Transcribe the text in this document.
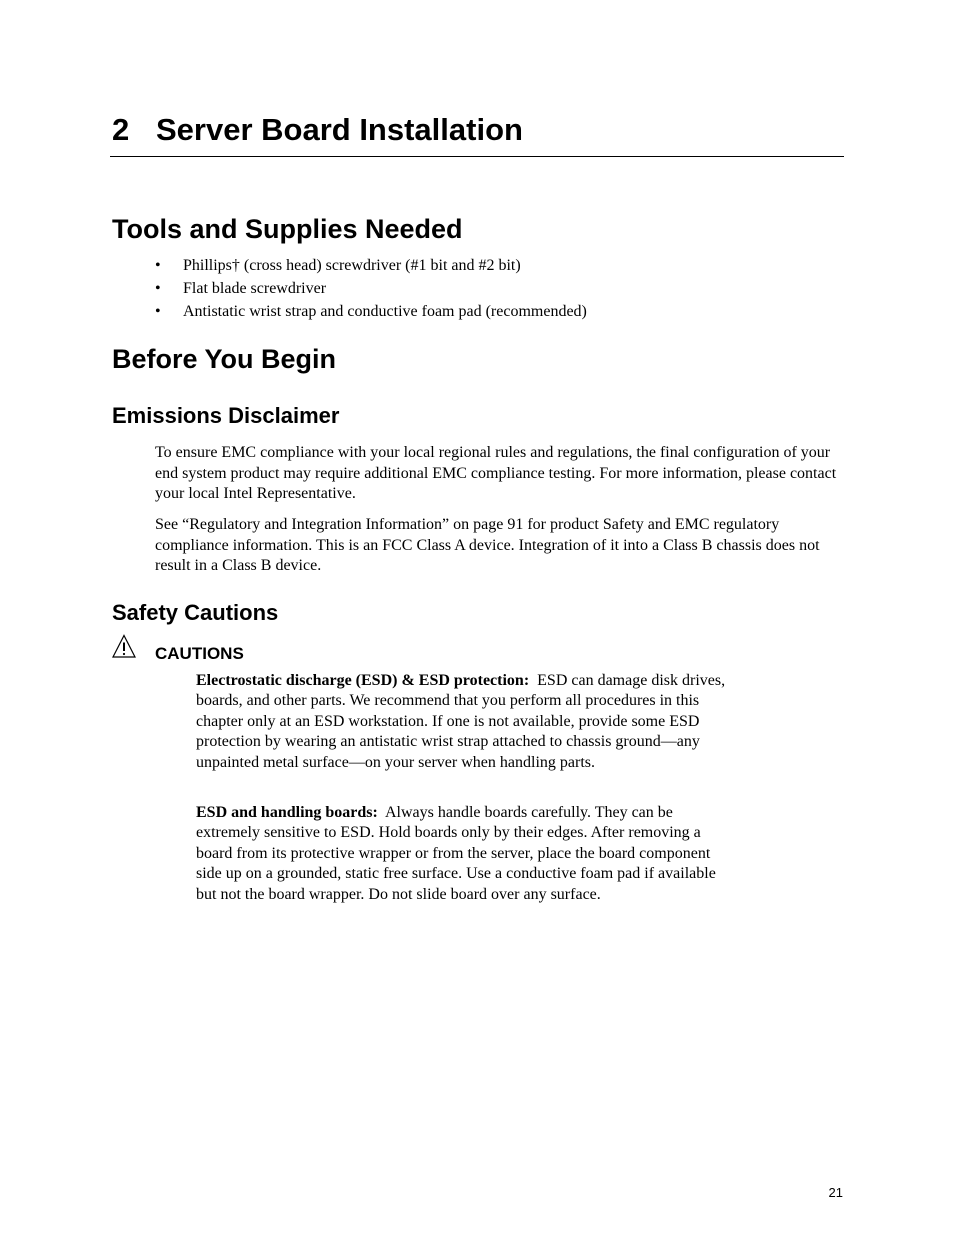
2 Server Board Installation
Tools and Supplies Needed
• Phillips† (cross head) screwdriver (#1 bit and #2 bit)
• Flat blade screwdriver
• Antistatic wrist strap and conductive foam pad (recommended)
Before You Begin
Emissions Disclaimer

To ensure EMC compliance with your local regional rules and regulations, the final configuration of your end system product may require additional EMC compliance testing. For more information, please contact your local Intel Representative.

See “Regulatory and Integration Information” on page 91 for product Safety and EMC regulatory compliance information. This is an FCC Class A device. Integration of it into a Class B chassis does not result in a Class B device.

Safety Cautions

CAUTIONS

Electrostatic discharge (ESD) & ESD protection: ESD can damage disk drives, boards, and other parts. We recommend that you perform all procedures in this chapter only at an ESD workstation. If one is not available, provide some ESD protection by wearing an antistatic wrist strap attached to chassis ground—any unpainted metal surface—on your server when handling parts.

ESD and handling boards: Always handle boards carefully. They can be extremely sensitive to ESD. Hold boards only by their edges. After removing a board from its protective wrapper or from the server, place the board component side up on a grounded, static free surface. Use a conductive foam pad if available but not the board wrapper. Do not slide board over any surface.

21
